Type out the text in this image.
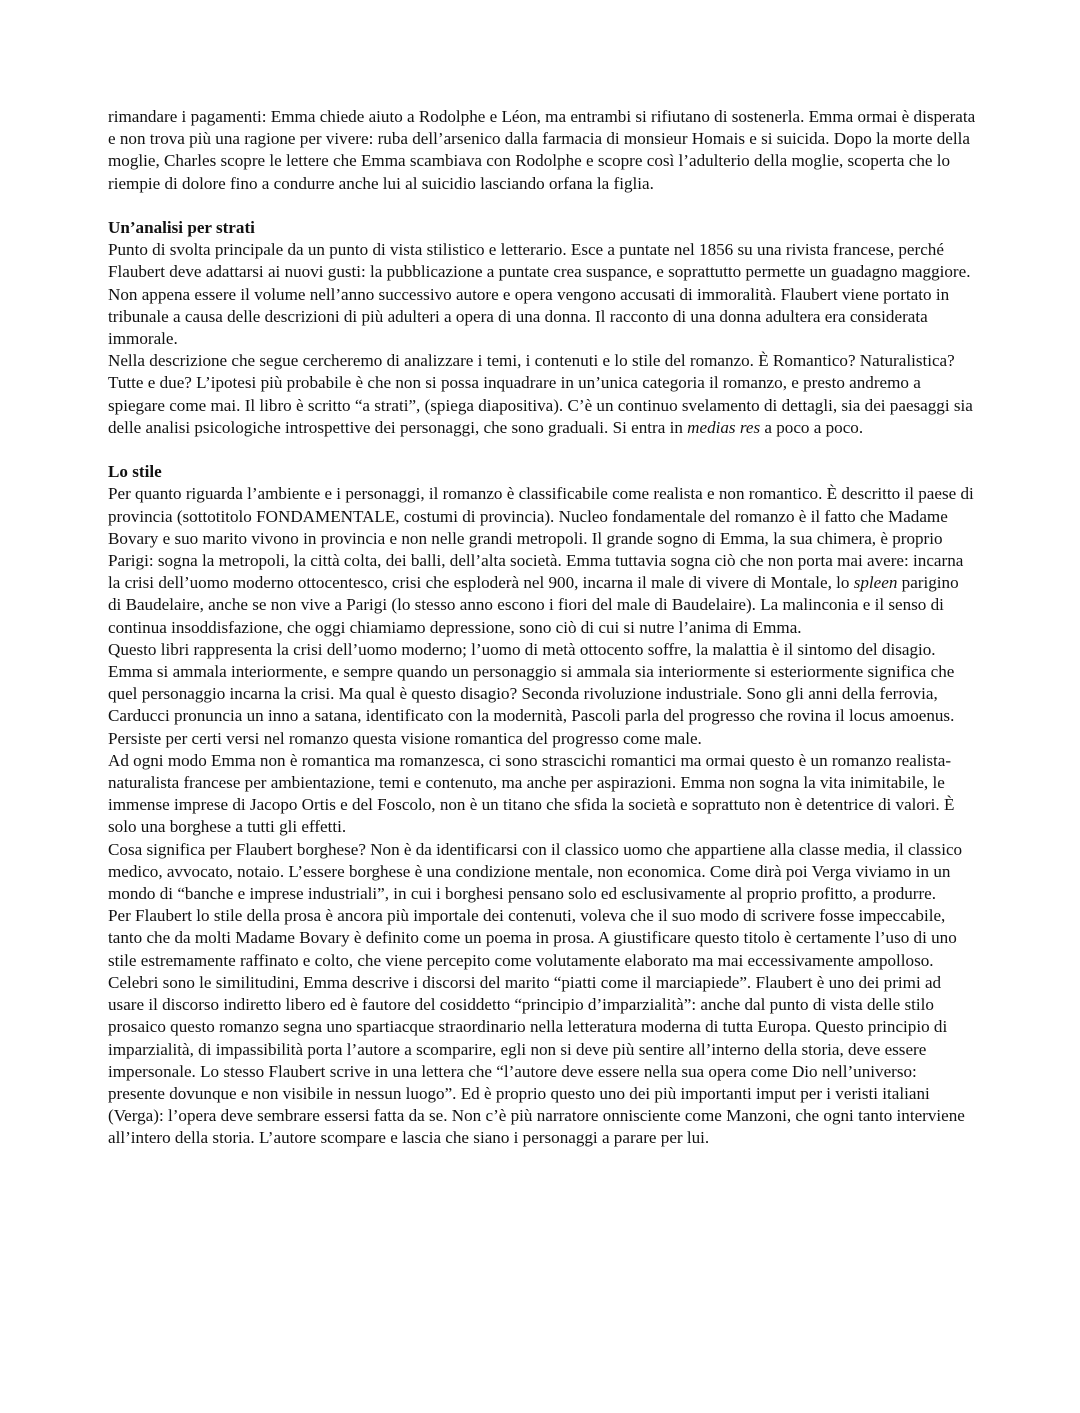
rimandare i pagamenti: Emma chiede aiuto a Rodolphe e Léon, ma entrambi si rifiutano di sostenerla. Emma ormai è disperata e non trova più una ragione per vivere: ruba dell’arsenico dalla farmacia di monsieur Homais e si suicida. Dopo la morte della moglie, Charles scopre le lettere che Emma scambiava con Rodolphe e scopre così l’adulterio della moglie, scoperta che lo riempie di dolore fino a condurre anche lui al suicidio lasciando orfana la figlia.

Un’analisi per strati

Punto di svolta principale da un punto di vista stilistico e letterario. Esce a puntate nel 1856 su una rivista francese, perché Flaubert deve adattarsi ai nuovi gusti: la pubblicazione a puntate crea suspance, e soprattutto permette un guadagno maggiore. Non appena essere il volume nell’anno successivo autore e opera vengono accusati di immoralità. Flaubert viene portato in tribunale a causa delle descrizioni di più adulteri a opera di una donna. Il racconto di una donna adultera era considerata immorale.

Nella descrizione che segue cercheremo di analizzare i temi, i contenuti e lo stile del romanzo. È Romantico? Naturalistica? Tutte e due? L’ipotesi più probabile è che non si possa inquadrare in un’unica categoria il romanzo, e presto andremo a spiegare come mai. Il libro è scritto “a strati”, (spiega diapositiva). C’è un continuo svelamento di dettagli, sia dei paesaggi sia delle analisi psicologiche introspettive dei personaggi, che sono graduali. Si entra in medias res a poco a poco.

Lo stile

Per quanto riguarda l’ambiente e i personaggi, il romanzo è classificabile come realista e non romantico. È descritto il paese di provincia (sottotitolo FONDAMENTALE, costumi di provincia). Nucleo fondamentale del romanzo è il fatto che Madame Bovary e suo marito vivono in provincia e non nelle grandi metropoli. Il grande sogno di Emma, la sua chimera, è proprio Parigi: sogna la metropoli, la città colta, dei balli, dell’alta società. Emma tuttavia sogna ciò che non porta mai avere: incarna la crisi dell’uomo moderno ottocentesco, crisi che esploderà nel 900, incarna il male di vivere di Montale, lo spleen parigino di Baudelaire, anche se non vive a Parigi (lo stesso anno escono i fiori del male di Baudelaire). La malinconia e il senso di continua insoddisfazione, che oggi chiamiamo depressione, sono ciò di cui si nutre l’anima di Emma.

Questo libri rappresenta la crisi dell’uomo moderno; l’uomo di metà ottocento soffre, la malattia è il sintomo del disagio. Emma si ammala interiormente, e sempre quando un personaggio si ammala sia interiormente si esteriormente significa che quel personaggio incarna la crisi. Ma qual è questo disagio? Seconda rivoluzione industriale. Sono gli anni della ferrovia, Carducci pronuncia un inno a satana, identificato con la modernità, Pascoli parla del progresso che rovina il locus amoenus. Persiste per certi versi nel romanzo questa visione romantica del progresso come male.

Ad ogni modo Emma non è romantica ma romanzesca, ci sono strascichi romantici ma ormai questo è un romanzo realista-naturalista francese per ambientazione, temi e contenuto, ma anche per aspirazioni. Emma non sogna la vita inimitabile, le immense imprese di Jacopo Ortis e del Foscolo, non è un titano che sfida la società e soprattuto non è detentrice di valori. È solo una borghese a tutti gli effetti.

Cosa significa per Flaubert borghese? Non è da identificarsi con il classico uomo che appartiene alla classe media, il classico medico, avvocato, notaio. L’essere borghese è una condizione mentale, non economica. Come dirà poi Verga viviamo in un mondo di “banche e imprese industriali”, in cui i borghesi pensano solo ed esclusivamente al proprio profitto, a produrre.

Per Flaubert lo stile della prosa è ancora più importale dei contenuti, voleva che il suo modo di scrivere fosse impeccabile, tanto che da molti Madame Bovary è definito come un poema in prosa. A giustificare questo titolo è certamente l’uso di uno stile estremamente raffinato e colto, che viene percepito come volutamente elaborato ma mai eccessivamente ampolloso. Celebri sono le similitudini, Emma descrive i discorsi del marito “piatti come il marciapiede”. Flaubert è uno dei primi ad usare il discorso indiretto libero ed è fautore del cosiddetto “principio d’imparzialità”: anche dal punto di vista delle stilo prosaico questo romanzo segna uno spartiacque straordinario nella letteratura moderna di tutta Europa. Questo principio di imparzialità, di impassibilità porta l’autore a scomparire, egli non si deve più sentire all’interno della storia, deve essere impersonale. Lo stesso Flaubert scrive in una lettera che “l’autore deve essere nella sua opera come Dio nell’universo: presente dovunque e non visibile in nessun luogo”. Ed è proprio questo uno dei più importanti imput per i veristi italiani (Verga): l’opera deve sembrare essersi fatta da se. Non c’è più narratore onnisciente come Manzoni, che ogni tanto interviene all’intero della storia. L’autore scompare e lascia che siano i personaggi a parare per lui.
